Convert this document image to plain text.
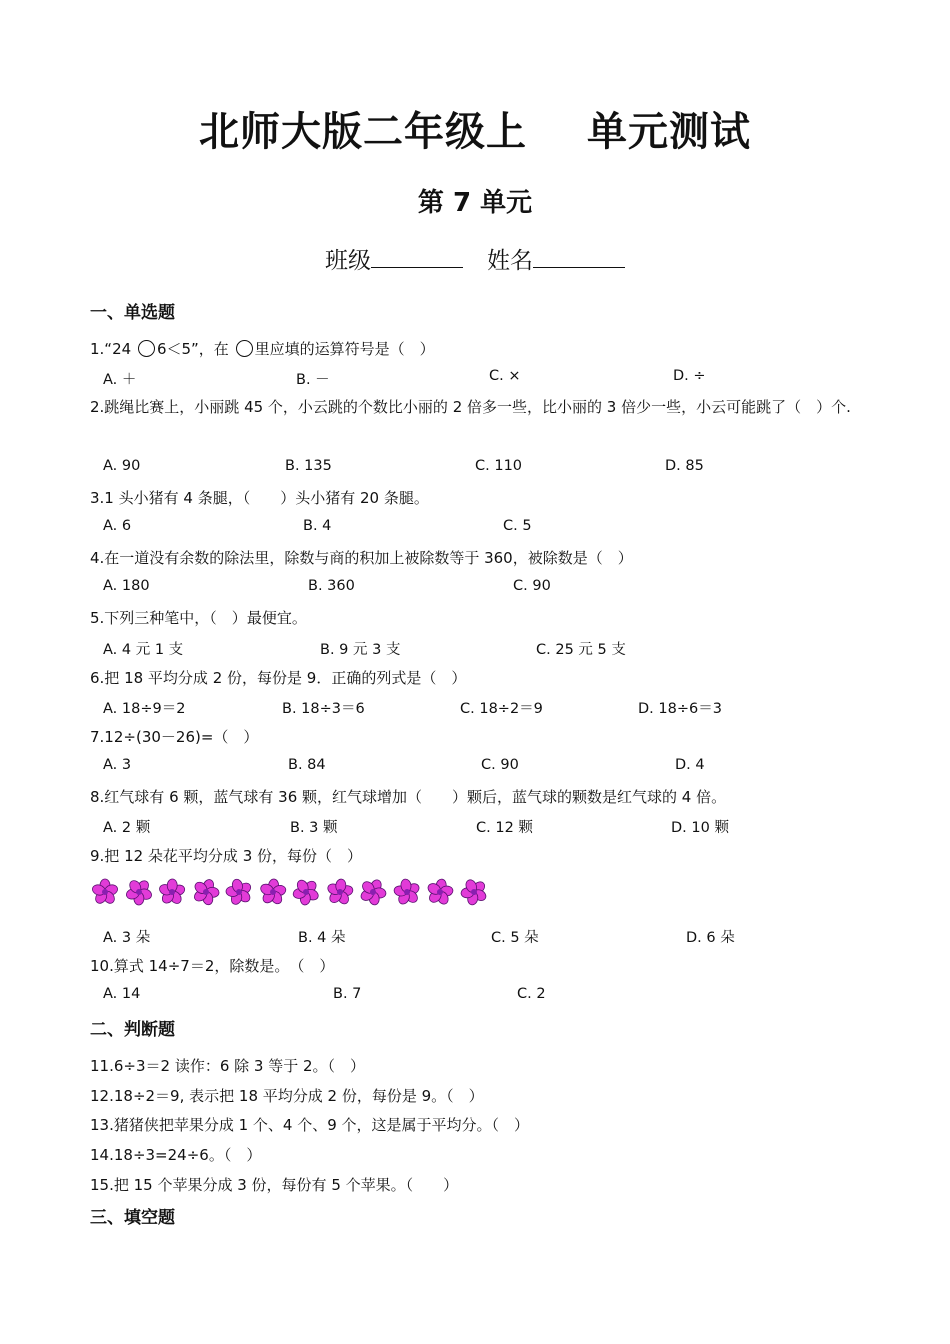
北师大版二年级上 单元测试
第 7 单元
班级	姓名
一、单选题
1.“24 6＜5”，在 里应填的运算符号是（　）
A. ＋	B. －	C. ×	D. ÷
2.跳绳比赛上，小丽跳 45 个，小云跳的个数比小丽的 2 倍多一些，比小丽的 3 倍少一些，小云可能跳了（　）个.
A. 90	B. 135	C. 110	D. 85
3.1 头小猪有 4 条腿，（　　）头小猪有 20 条腿。
A. 6	B. 4	C. 5
4.在一道没有余数的除法里，除数与商的积加上被除数等于 360，被除数是（　）
A. 180	B. 360	C. 90
5.下列三种笔中，（　）最便宜。
A. 4 元 1 支	B. 9 元 3 支	C. 25 元 5 支
6.把 18 平均分成 2 份，每份是 9．正确的列式是（　）
A. 18÷9＝2	B. 18÷3＝6	C. 18÷2＝9	D. 18÷6＝3
7.12÷(30－26)=（　）
A. 3	B. 84	C. 90	D. 4
8.红气球有 6 颗，蓝气球有 36 颗，红气球增加（　　）颗后，蓝气球的颗数是红气球的 4 倍。
A. 2 颗	B. 3 颗	C. 12 颗	D. 10 颗
9.把 12 朵花平均分成 3 份，每份（　）
A. 3 朵	B. 4 朵	C. 5 朵	D. 6 朵
10.算式 14÷7＝2，除数是。　（　）
A. 14	B. 7	C. 2
二、判断题
11.6÷3＝2 读作：6 除 3 等于 2。（　）
12.18÷2＝9, 表示把 18 平均分成 2 份，每份是 9。（　）
13.猪猪侠把苹果分成 1 个、4 个、9 个，这是属于平均分。（　）
14.18÷3=24÷6。（　）
15.把 15 个苹果分成 3 份，每份有 5 个苹果。（　　）
三、填空题
